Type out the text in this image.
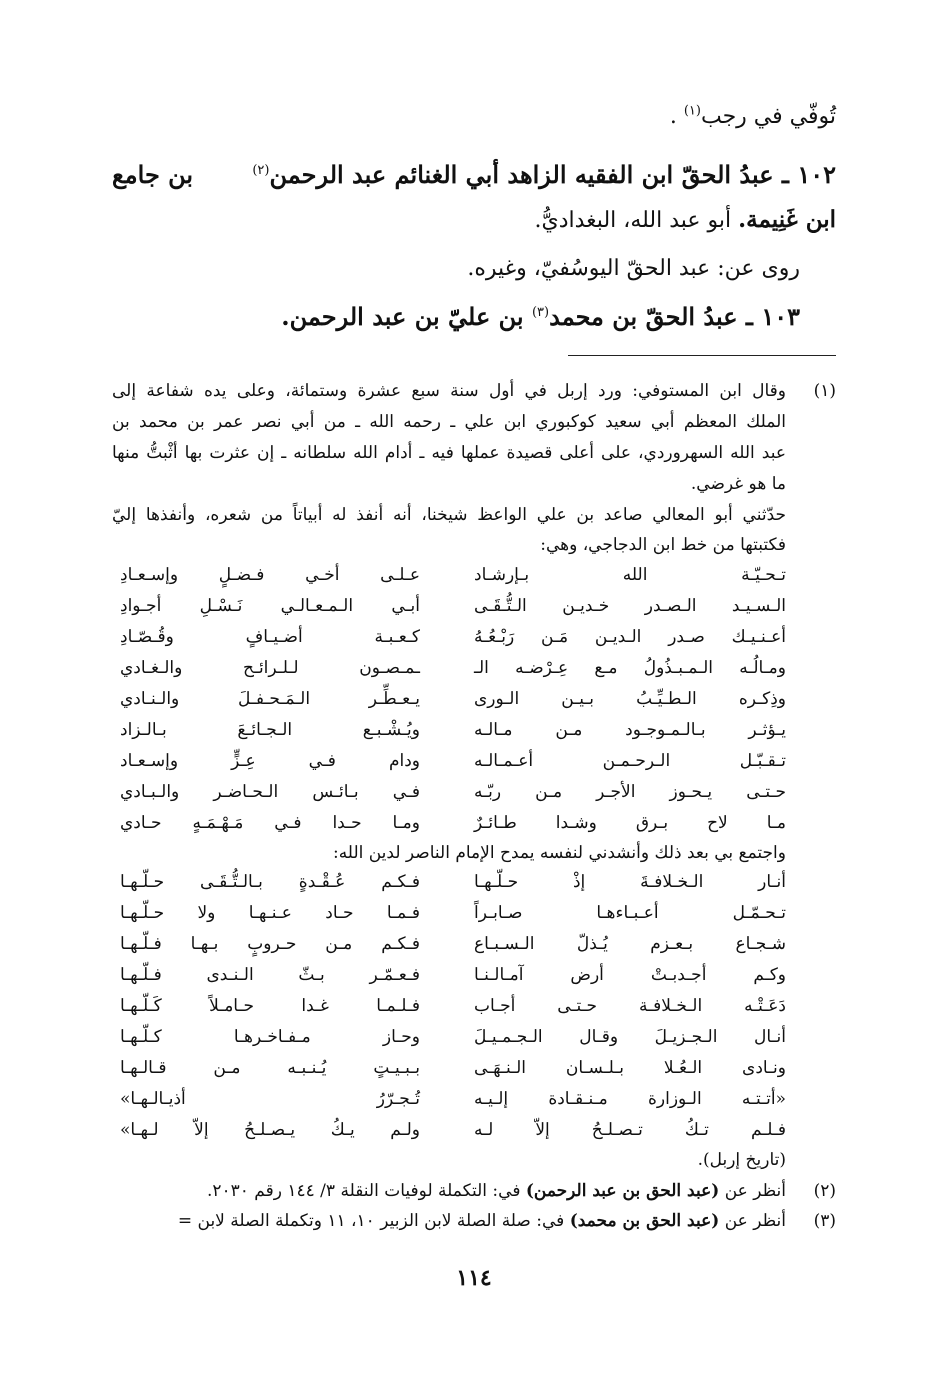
تُوفّي في رجب$^{(١)}$ .
١٠٢ ـ عبدُ الحقّ ابن الفقيه الزاهد أبي الغنائم عبد الرحمن$^{(٢)}$
بن جامع
ابن غَنِيمة. أبو عبد الله، البغداديُّ.
روى عن: عبد الحقّ اليوسُفيّ، وغيره.
١٠٣ ـ عبدُ الحقّ بن محمد$^{(٣)}$ بن عليّ بن عبد الرحمن.
(١)
وقال ابن المستوفي: ورد إربل في أول سنة سبع عشرة وستمائة، وعلى يده شفاعة إلى
الملك المعظم أبي سعيد كوكبوري ابن علي ـ رحمه الله ـ من أبي نصر عمر بن محمد بن
عبد الله السهروردي، على أعلى قصيدة عملها فيه ـ أدام الله سلطانه ـ إن عثرت بها أثْبتُّ منها
ما هو غرضي.
حدّثني أبو المعالي صاعد بن علي الواعظ شيخنا، أنه أنفذ له أبياتاً من شعره، وأنفذها إليّ
فكتبتها من خط ابن الدجاجي، وهي:
تـحـيّـة الله بـإرشـاد
عـلـى أخـي فـضـلٍ وإسـعـادِ
الـسـيـد الـصـدر خـديـن الـتُّـقَـى
أبـي الـمـعـالـي نَـسْـلِ أجـوادِ
أعـنـيـك صـدر الـديـن مَـن رَبْـعُـهُ
كـعـبـة أضـيـافٍ وقُـصّـادِ
ومـالُـه الـمـبـذُولُ مـع عِـرْضـه الـ
ـمـصـون لـلـرائـح والـغـادي
وذِكـره الـطـيِّـبُ بـيـن الـورى
يـعـطِّـر الـمَـحـفـلَ والـنـادي
يـؤثـر بـالـمـوجـود مـن مـالـه
ويُـشْـبـع الـجـائـعَ بـالـزاد
تـقـبّـل الـرحـمـن أعـمـالـه
ودام فـي عِـزٍّ وإسـعـاد
حـتـى يـحـوز الأجـر مـن ربّـه
فـي بـائـس الـحـاضـر والـبـادي
مـا لاح بـرق وشـدا طـائـرٌ
ومـا حـدا فـي مَـهْـمَـهٍ حـادي
واجتمع بي بعد ذلك وأنشدني لنفسه يمدح الإمام الناصر لدين الله:
أنـار الـخـلافـةَ إذْ حـلّـهـا
فـكـم عُـقْـدةٍ بـالـتُّـقَـى حـلّـهـا
تـحـمّـل أعـبـاءهـا صـابـراً
فـمـا حـاد عـنـهـا ولا حـلّـهـا
شـجـاع بـعـزم يُـذلّ الـسـبـاع
فـكـم مـن حـروبٍ بـهـا فـلّـهـا
وكـم أجـدبـتْ أرض آمـالـنـا
فـعـمّـر بـثّ الـنـدى فـلّـهـا
دَعَـتْـه الـخـلافـة حـتـى أجـاب
فـلـمـا غـدا حـامـلاً كَـلّـهـا
أنـال الـجـزيـلَ وقـال الـجـمـيـلَ
وحـاز مـفـاخـرهـا كـلّـهـا
ونـادى الـعُـلا بـلـسـان الـنـهَـى
بـبـيـتٍ يُـنـبـه مـن قـالـهـا
«أتـتـه الـوزارة مـنـقـادة إلـيـه
تُـجـرّرُ أذيـالـهـا»
فـلـم تـكُ تـصـلـحُ إلاّ لـه
ولـم يـكُ يـصـلـحُ إلاّ لـهـا»
(تاريخ إربل).
(٢)
أنظر عن (عبد الحق بن عبد الرحمن) في: التكملة لوفيات النقلة ٣/ ١٤٤ رقم ٢٠٣٠.
(٣)
أنظر عن (عبد الحق بن محمد) في: صلة الصلة لابن الزبير ١٠، ١١ وتكملة الصلة لابن =
١١٤
